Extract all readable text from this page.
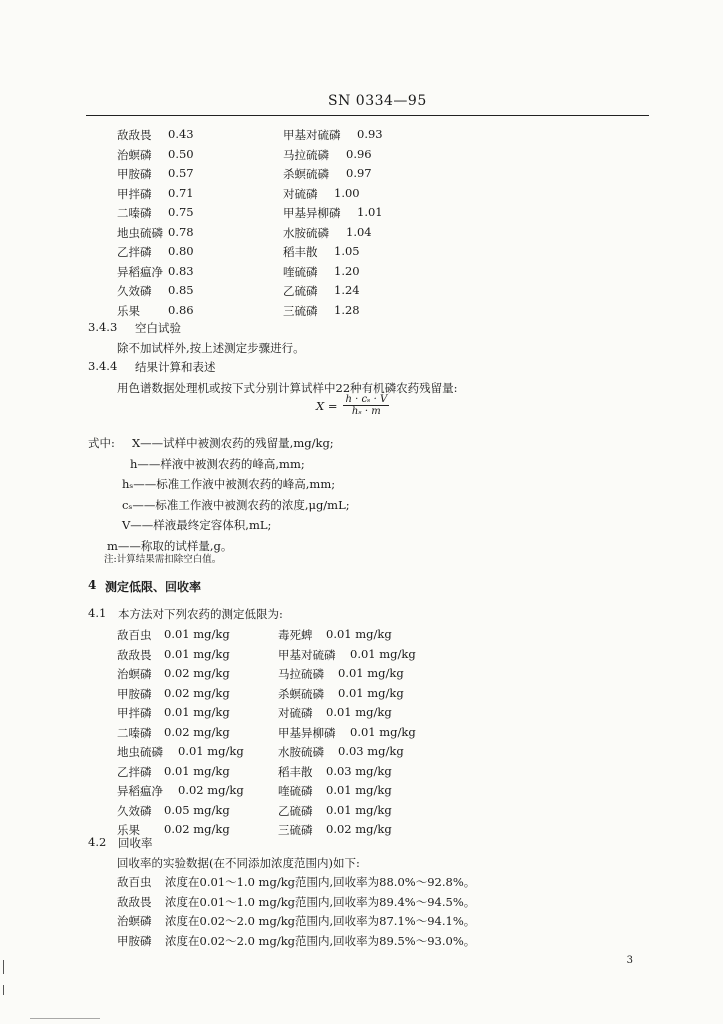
SN 0334—95
敌敌畏 0.43
治螟磷 0.50
甲胺磷 0.57
甲拌磷 0.71
二嗪磷 0.75
地虫硫磷 0.78
乙拌磷 0.80
异稻瘟净 0.83
久效磷 0.85
乐果 0.86
甲基对硫磷 0.93
马拉硫磷 0.96
杀螟硫磷 0.97
对硫磷 1.00
甲基异柳磷 1.01
水胺硫磷 1.04
稻丰散 1.05
喹硫磷 1.20
乙硫磷 1.24
三硫磷 1.28
3.4.3 空白试验
除不加试样外,按上述测定步骤进行。
3.4.4 结果计算和表述
用色谱数据处理机或按下式分别计算试样中22种有机磷农药残留量:
$X = \frac{\text{h · cₛ · V}}{\text{hₛ · m}}$
式中: X——试样中被测农药的残留量,mg/kg;
h——样液中被测农药的峰高,mm;
hₛ——标准工作液中被测农药的峰高,mm;
cₛ——标准工作液中被测农药的浓度,μg/mL;
V——样液最终定容体积,mL;
m——称取的试样量,g。
注:计算结果需扣除空白值。
4 测定低限、回收率
4.1 本方法对下列农药的测定低限为:
敌百虫 0.01 mg/kg
敌敌畏 0.01 mg/kg
治螟磷 0.02 mg/kg
甲胺磷 0.02 mg/kg
甲拌磷 0.01 mg/kg
二嗪磷 0.02 mg/kg
地虫硫磷 0.01 mg/kg
乙拌磷 0.01 mg/kg
异稻瘟净 0.02 mg/kg
久效磷 0.05 mg/kg
乐果 0.02 mg/kg
毒死蜱 0.01 mg/kg
甲基对硫磷 0.01 mg/kg
马拉硫磷 0.01 mg/kg
杀螟硫磷 0.01 mg/kg
对硫磷 0.01 mg/kg
甲基异柳磷 0.01 mg/kg
水胺硫磷 0.03 mg/kg
稻丰散 0.03 mg/kg
喹硫磷 0.01 mg/kg
乙硫磷 0.01 mg/kg
三硫磷 0.02 mg/kg
4.2 回收率
回收率的实验数据(在不同添加浓度范围内)如下:
敌百虫 浓度在0.01～1.0 mg/kg范围内,回收率为88.0%～92.8%。
敌敌畏 浓度在0.01～1.0 mg/kg范围内,回收率为89.4%～94.5%。
治螟磷 浓度在0.02～2.0 mg/kg范围内,回收率为87.1%～94.1%。
甲胺磷 浓度在0.02～2.0 mg/kg范围内,回收率为89.5%～93.0%。
3
